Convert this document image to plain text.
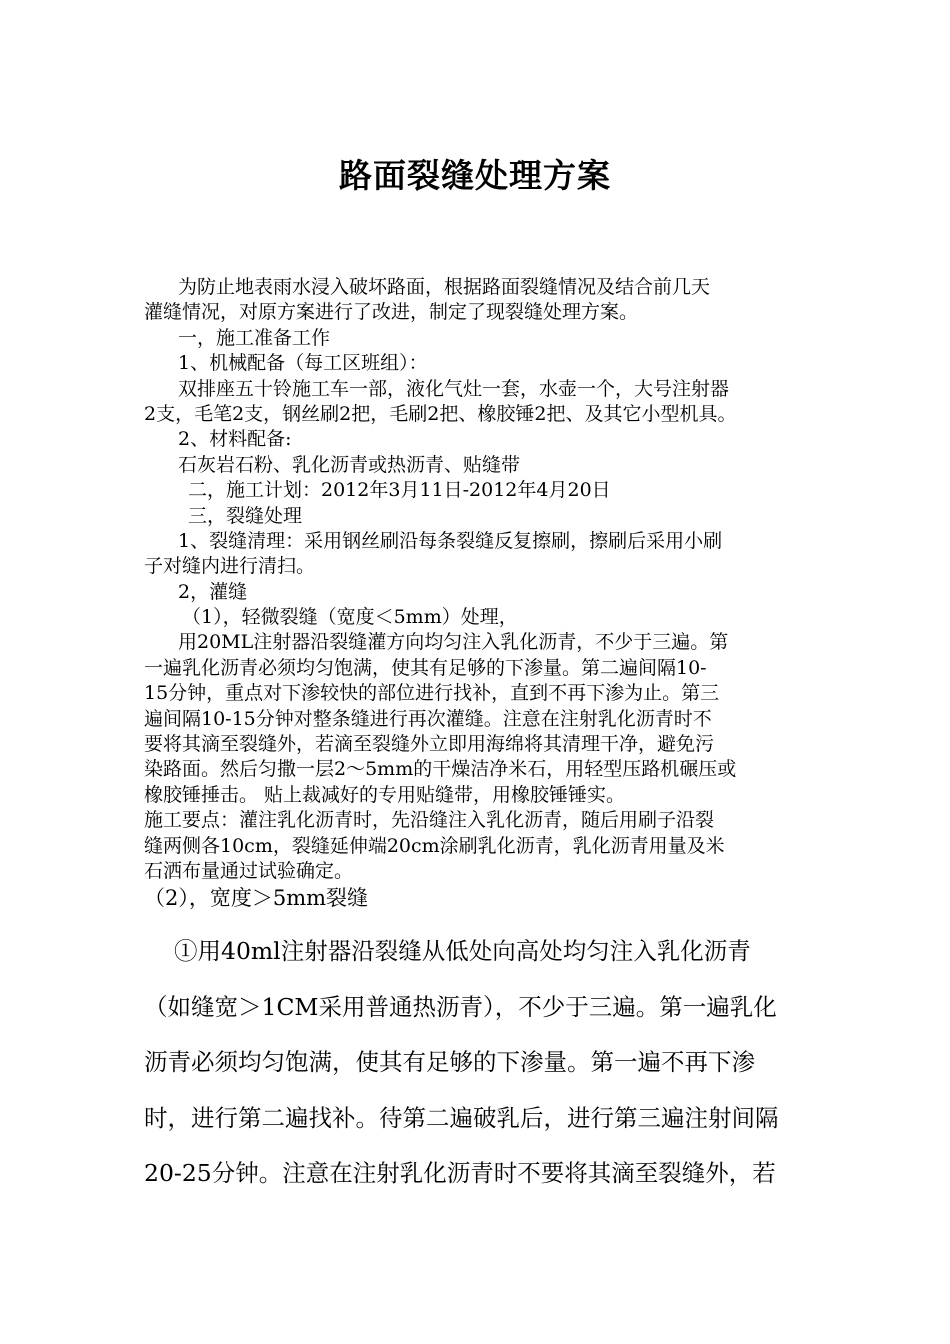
路面裂缝处理方案
为防止地表雨水浸入破坏路面，根据路面裂缝情况及结合前几天
灌缝情况，对原方案进行了改进，制定了现裂缝处理方案。
一，施工准备工作
1、机械配备（每工区班组）：
双排座五十铃施工车一部，液化气灶一套，水壶一个，大号注射器
2支，毛笔2支，钢丝刷2把，毛刷2把、橡胶锤2把、及其它小型机具。
2、材料配备:
石灰岩石粉、乳化沥青或热沥青、贴缝带
二，施工计划：2012年3月11日-2012年4月20日
三，裂缝处理
1、裂缝清理：采用钢丝刷沿每条裂缝反复擦刷，擦刷后采用小刷
子对缝内进行清扫。
2，灌缝
（1），轻微裂缝（宽度＜5mm）处理，
用20ML注射器沿裂缝灌方向均匀注入乳化沥青，不少于三遍。第
一遍乳化沥青必须均匀饱满，使其有足够的下渗量。第二遍间隔10-
15分钟，重点对下渗较快的部位进行找补，直到不再下渗为止。第三
遍间隔10-15分钟对整条缝进行再次灌缝。注意在注射乳化沥青时不
要将其滴至裂缝外，若滴至裂缝外立即用海绵将其清理干净，避免污
染路面。然后匀撒一层2～5mm的干燥洁净米石，用轻型压路机碾压或
橡胶锤捶击。 贴上裁减好的专用贴缝带，用橡胶锤锤实。
施工要点：灌注乳化沥青时，先沿缝注入乳化沥青，随后用刷子沿裂
缝两侧各10cm，裂缝延伸端20cm涂刷乳化沥青，乳化沥青用量及米
石洒布量通过试验确定。
（2），宽度＞5mm裂缝
①用40ml注射器沿裂缝从低处向高处均匀注入乳化沥青
（如缝宽＞1CM采用普通热沥青），不少于三遍。第一遍乳化
沥青必须均匀饱满，使其有足够的下渗量。第一遍不再下渗
时，进行第二遍找补。待第二遍破乳后，进行第三遍注射间隔
20-25分钟。注意在注射乳化沥青时不要将其滴至裂缝外，若
